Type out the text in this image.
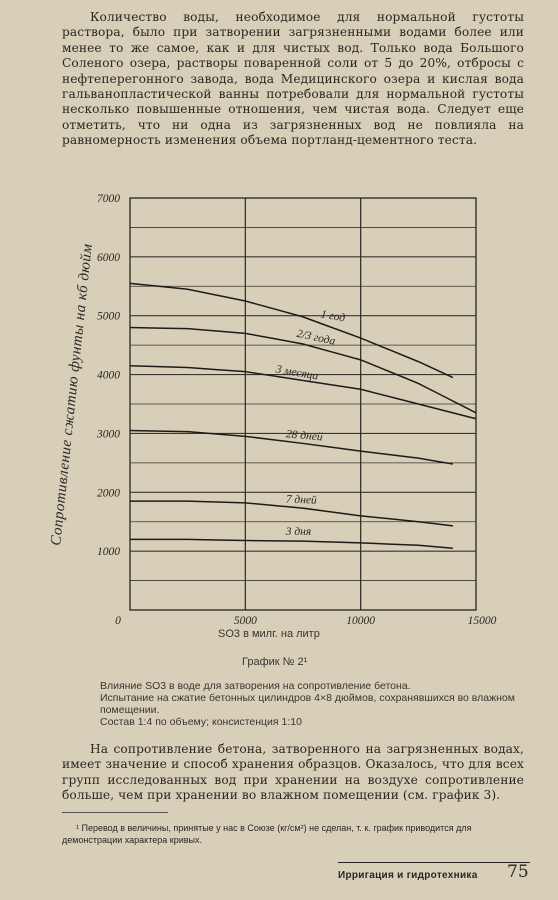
Количество воды, необходимое для нормальной густоты раствора, было при затворении загрязненными водами более или менее то же самое, как и для чистых вод. Только вода Большого Соленого озера, растворы поваренной соли от 5 до 20%, отбросы с нефтеперегонного завода, вода Медицинского озера и кислая вода гальванопластической ванны потребовали для нормальной густоты несколько повышенные отношения, чем чистая вода. Следует еще отметить, что ни одна из загрязненных вод не повлияла на равномерность изменения объема портланд-цементного теста.
1000
2000
3000
4000
5000
6000
7000
0	5000	10000	15000
1 год
2/3 года
3 месяца
28 дней
7 дней
3 дня
Сопротивление сжатию фунты на кб дюйм
SO3 в милг. на литр
График № 2¹
Влияние SO3 в воде для затворения на сопротивление бетона.
Испытание на сжатие бетонных цилиндров 4×8 дюймов, сохранявшихся во влажном помещении.
Состав 1:4 по объему; консистенция 1:10
На сопротивление бетона, затворенного на загрязненных водах, имеет значение и способ хранения образцов. Оказалось, что для всех групп исследованных вод при хранении на воздухе сопротивление больше, чем при хранении во влажном помещении (см. график 3).
¹ Перевод в величины, принятые у нас в Союзе (кг/см²) не сделан, т. к. график приводится для демонстрации характера кривых.
Ирригация и гидротехника 75
